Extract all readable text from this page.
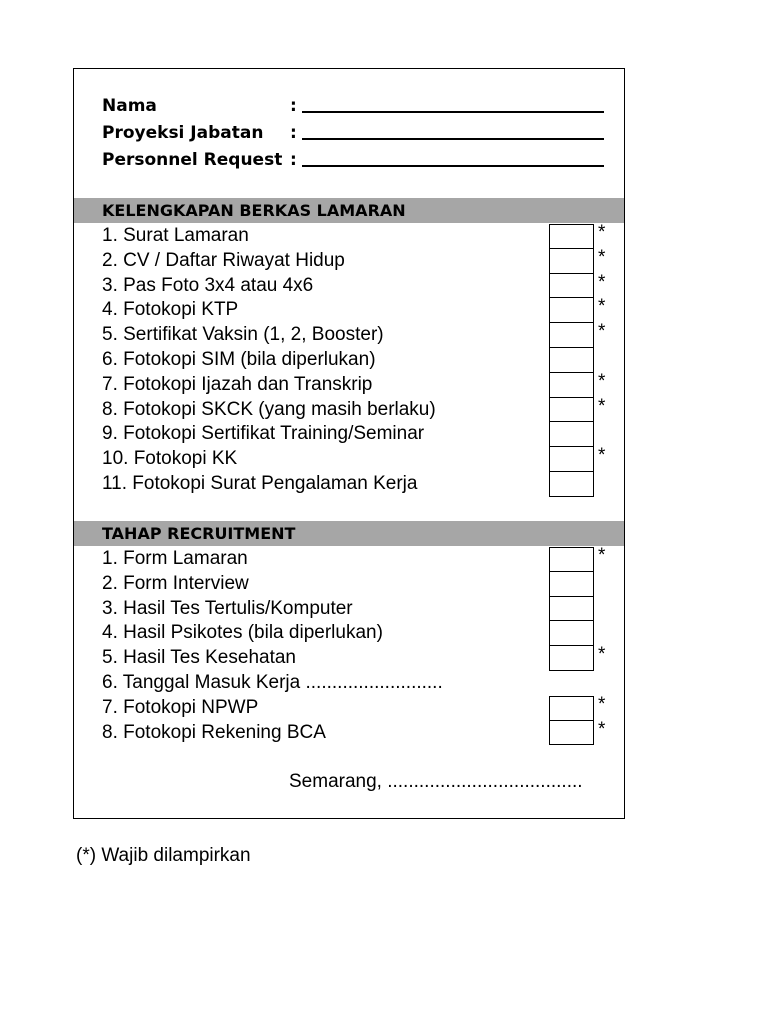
Nama	:
Proyeksi Jabatan :
Personnel Request :
KELENGKAPAN BERKAS LAMARAN
1. Surat Lamaran	*
2. CV / Daftar Riwayat Hidup	*
3. Pas Foto 3x4 atau 4x6	*
4. Fotokopi KTP	*
5. Sertifikat Vaksin (1, 2, Booster)	*
6. Fotokopi SIM (bila diperlukan)
7. Fotokopi Ijazah dan Transkrip	*
8. Fotokopi SKCK (yang masih berlaku)	*
9. Fotokopi Sertifikat Training/Seminar
10. Fotokopi KK	*
11. Fotokopi Surat Pengalaman Kerja
TAHAP RECRUITMENT
1. Form Lamaran	*
2. Form Interview
3. Hasil Tes Tertulis/Komputer
4. Hasil Psikotes (bila diperlukan)
5. Hasil Tes Kesehatan	*
6. Tanggal Masuk Kerja ..........................
7. Fotokopi NPWP	*
8. Fotokopi Rekening BCA	*
Semarang, .....................................
(*) Wajib dilampirkan
